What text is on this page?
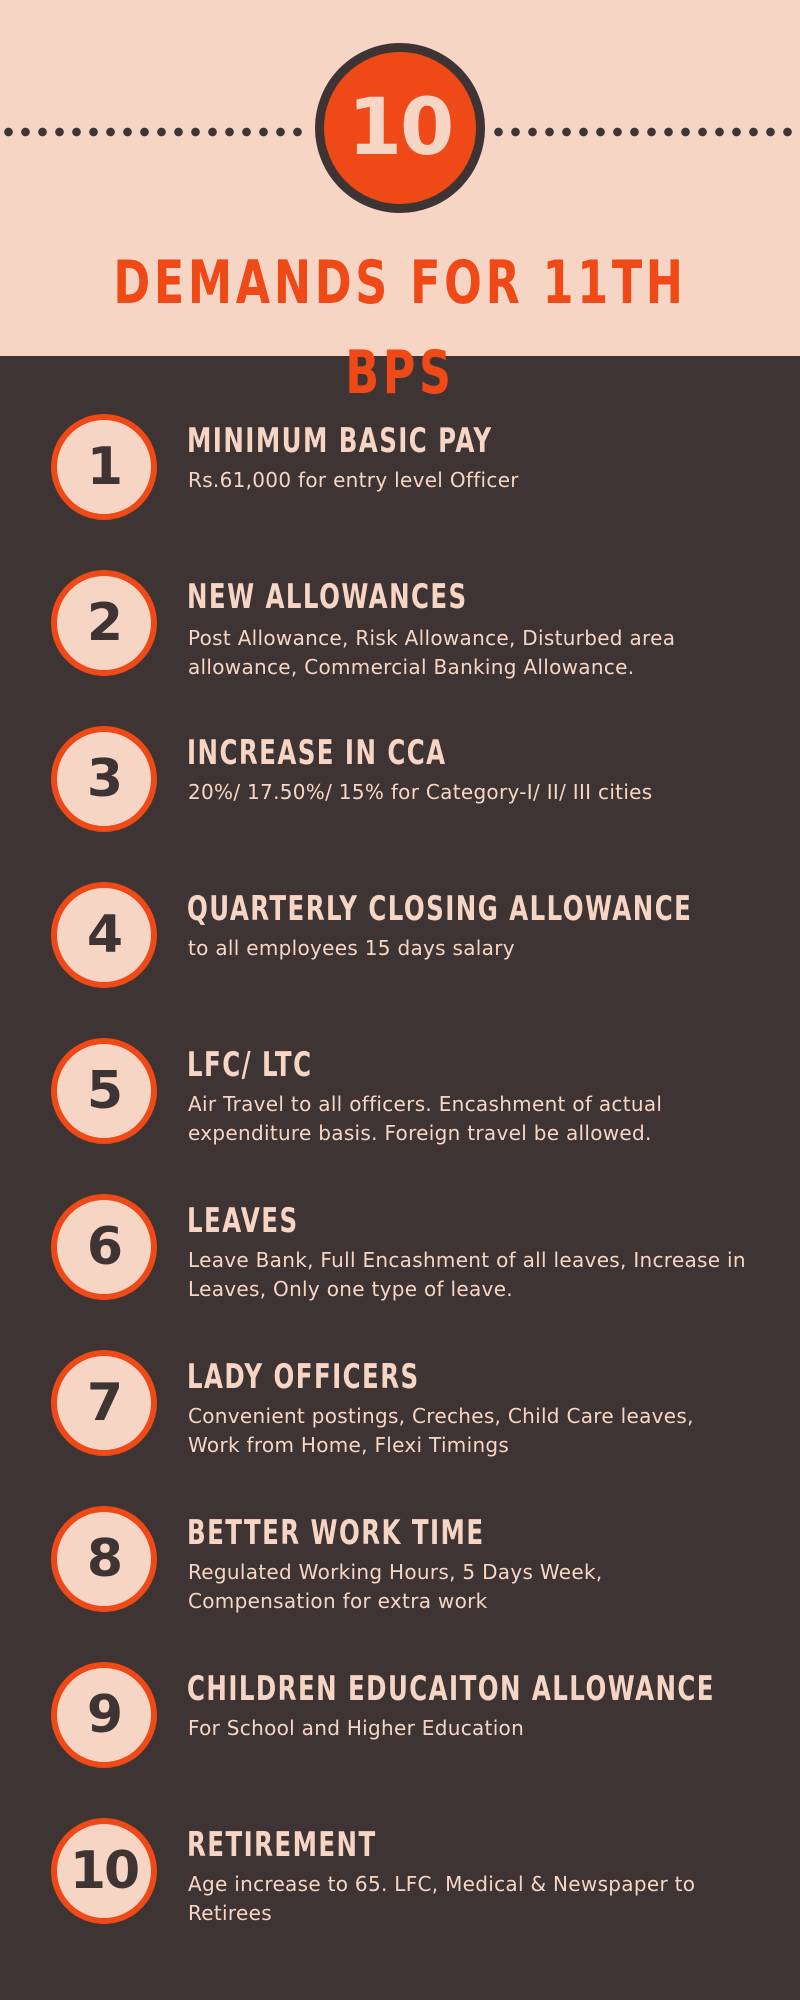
10
DEMANDS FOR 11TH BPS
1	MINIMUM BASIC PAY
Rs.61,000 for entry level Officer
2	NEW ALLOWANCES
Post Allowance, Risk Allowance, Disturbed area allowance, Commercial Banking Allowance.
3	INCREASE IN CCA
20%/ 17.50%/ 15% for Category-I/ II/ III cities
4	QUARTERLY CLOSING ALLOWANCE
to all employees 15 days salary
5	LFC/ LTC
Air Travel to all officers. Encashment of actual expenditure basis. Foreign travel be allowed.
6	LEAVES
Leave Bank, Full Encashment of all leaves, Increase in Leaves, Only one type of leave.
7	LADY OFFICERS
Convenient postings, Creches, Child Care leaves, Work from Home, Flexi Timings
8	BETTER WORK TIME
Regulated Working Hours, 5 Days Week, Compensation for extra work
9	CHILDREN EDUCAITON ALLOWANCE
For School and Higher Education
10	RETIREMENT
Age increase to 65. LFC, Medical & Newspaper to Retirees
